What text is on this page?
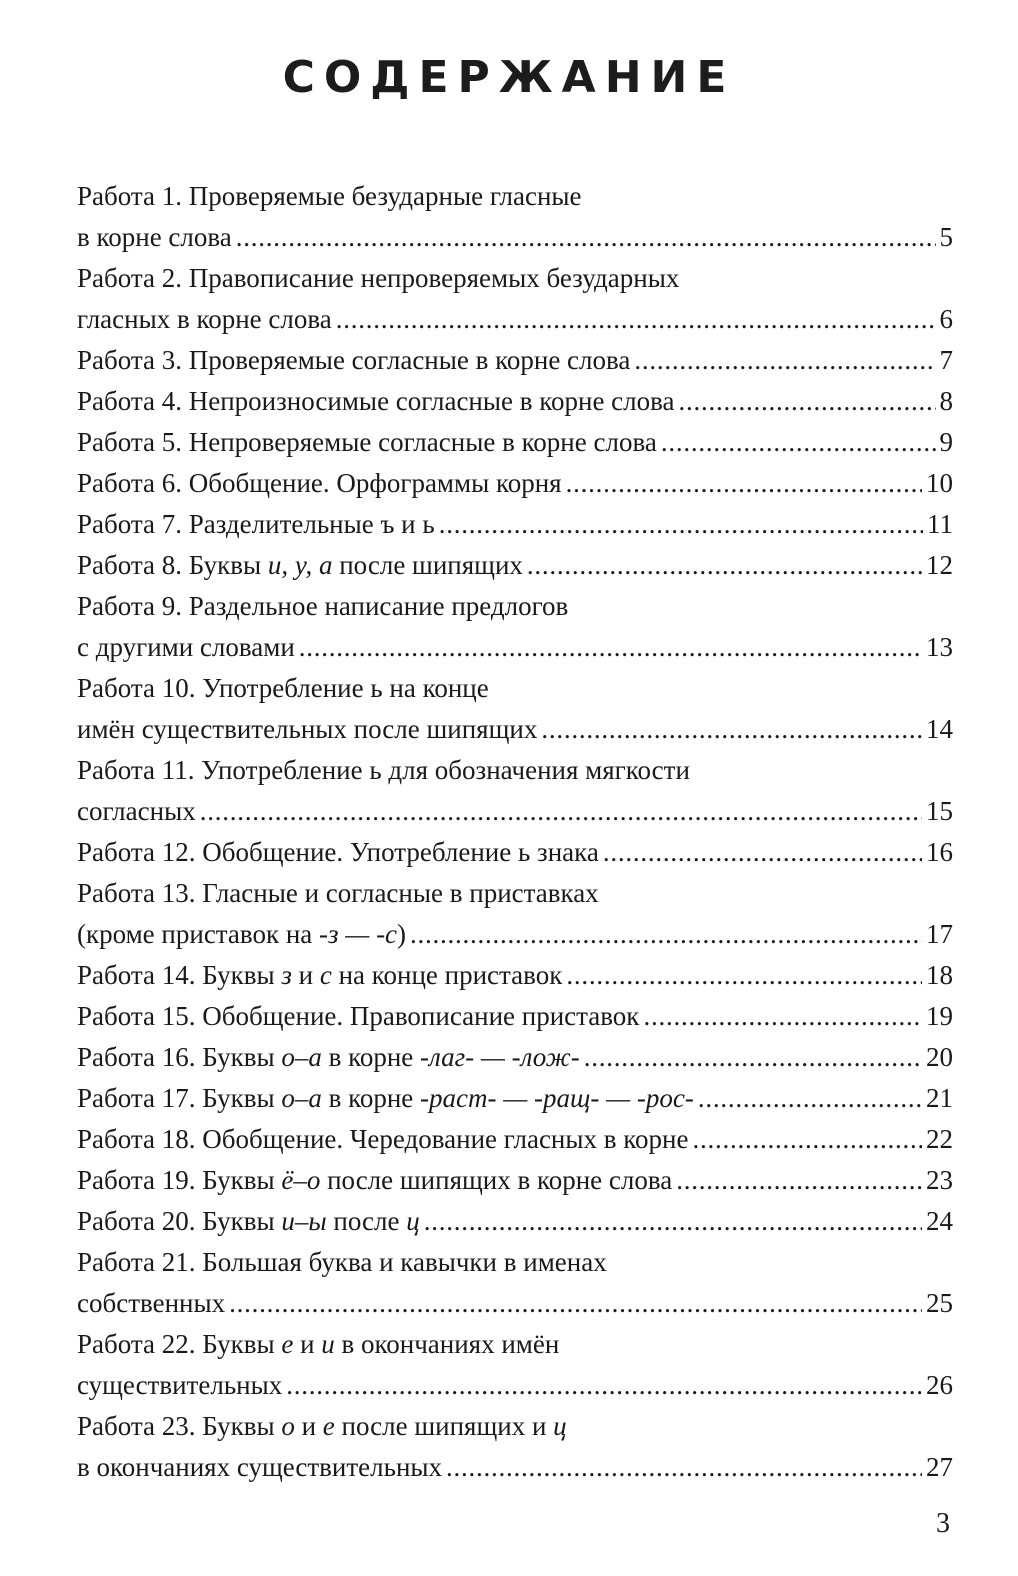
СОДЕРЖАНИЕ
Работа 1. Проверяемые безударные гласные
в корне слова . . .	5
Работа 2. Правописание непроверяемых безударных
гласных в корне слова . . .	6
Работа 3. Проверяемые согласные в корне слова . . .	7
Работа 4. Непроизносимые согласные в корне слова . . .	8
Работа 5. Непроверяемые согласные в корне слова . . .	9
Работа 6. Обобщение. Орфограммы корня . . .	10
Работа 7. Разделительные ъ и ь . . .	11
Работа 8. Буквы и, у, а после шипящих . . .	12
Работа 9. Раздельное написание предлогов
с другими словами . . .	13
Работа 10. Употребление ь на конце
имён существительных после шипящих . . .	14
Работа 11. Употребление ь для обозначения мягкости
согласных . . .	15
Работа 12. Обобщение. Употребление ь знака . . .	16
Работа 13. Гласные и согласные в приставках
(кроме приставок на -з — -с) . . .	17
Работа 14. Буквы з и с на конце приставок . . .	18
Работа 15. Обобщение. Правописание приставок . . .	19
Работа 16. Буквы о–а в корне -лаг- — -лож- . . .	20
Работа 17. Буквы о–а в корне -раст- — -ращ- — -рос- . . .	21
Работа 18. Обобщение. Чередование гласных в корне . . .	22
Работа 19. Буквы ё–о после шипящих в корне слова . . .	23
Работа 20. Буквы и–ы после ц . . .	24
Работа 21. Большая буква и кавычки в именах
собственных . . .	25
Работа 22. Буквы е и и в окончаниях имён
существительных . . .	26
Работа 23. Буквы о и е после шипящих и ц
в окончаниях существительных . . .	27
3
